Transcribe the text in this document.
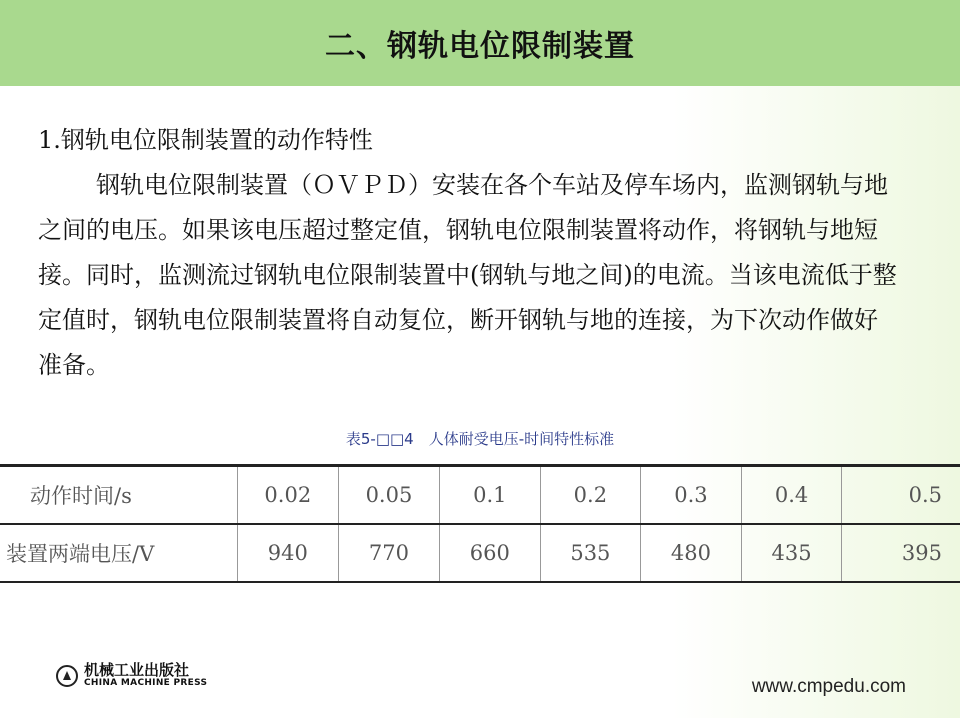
二、钢轨电位限制装置

1.钢轨电位限制装置的动作特性

钢轨电位限制装置（ＯＶＰＤ）安装在各个车站及停车场内，监测钢轨与地之间的电压。如果该电压超过整定值，钢轨电位限制装置将动作，将钢轨与地短接。同时，监测流过钢轨电位限制装置中(钢轨与地之间)的电流。当该电流低于整定值时，钢轨电位限制装置将自动复位，断开钢轨与地的连接，为下次动作做好准备。

表5-□□4　人体耐受电压-时间特性标准
动作时间/s	0.02	0.05	0.1	0.2	0.3	0.4	0.5
装置两端电压/V	940	770	660	535	480	435	395
机械工业出版社
CHINA MACHINE PRESS	www.cmpedu.com
